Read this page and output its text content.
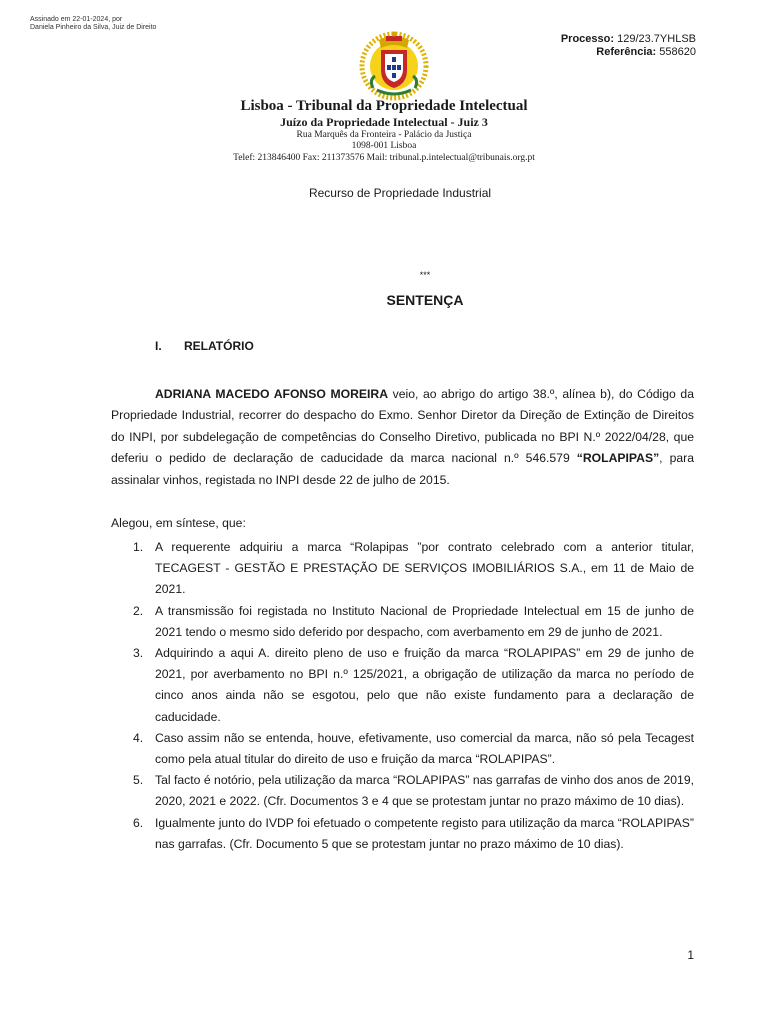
Assinado em 22-01-2024, por
Daniela Pinheiro da Silva, Juiz de Direito
Processo: 129/23.7YHLSB
Referência: 558620
Lisboa - Tribunal da Propriedade Intelectual
Juízo da Propriedade Intelectual - Juiz 3
Rua Marquês da Fronteira - Palácio da Justiça
1098-001 Lisboa
Telef: 213846400 Fax: 211373576 Mail: tribunal.p.intelectual@tribunais.org.pt
Recurso de Propriedade Industrial
***
SENTENÇA
I. RELATÓRIO
ADRIANA MACEDO AFONSO MOREIRA veio, ao abrigo do artigo 38.º, alínea b), do Código da Propriedade Industrial, recorrer do despacho do Exmo. Senhor Diretor da Direção de Extinção de Direitos do INPI, por subdelegação de competências do Conselho Diretivo, publicada no BPI N.º 2022/04/28, que deferiu o pedido de declaração de caducidade da marca nacional n.º 546.579 “ROLAPIPAS”, para assinalar vinhos, registada no INPI desde 22 de julho de 2015.
Alegou, em síntese, que:
1. A requerente adquiriu a marca “Rolapipas ”por contrato celebrado com a anterior titular, TECAGEST - GESTÃO E PRESTAÇÃO DE SERVIÇOS IMOBILIÁRIOS S.A., em 11 de Maio de 2021.
2. A transmissão foi registada no Instituto Nacional de Propriedade Intelectual em 15 de junho de 2021 tendo o mesmo sido deferido por despacho, com averbamento em 29 de junho de 2021.
3. Adquirindo a aqui A. direito pleno de uso e fruição da marca “ROLAPIPAS” em 29 de junho de 2021, por averbamento no BPI n.º 125/2021, a obrigação de utilização da marca no período de cinco anos ainda não se esgotou, pelo que não existe fundamento para a declaração de caducidade.
4. Caso assim não se entenda, houve, efetivamente, uso comercial da marca, não só pela Tecagest como pela atual titular do direito de uso e fruição da marca “ROLAPIPAS”.
5. Tal facto é notório, pela utilização da marca “ROLAPIPAS” nas garrafas de vinho dos anos de 2019, 2020, 2021 e 2022. (Cfr. Documentos 3 e 4 que se protestam juntar no prazo máximo de 10 dias).
6. Igualmente junto do IVDP foi efetuado o competente registo para utilização da marca “ROLAPIPAS” nas garrafas. (Cfr. Documento 5 que se protestam juntar no prazo máximo de 10 dias).
1
